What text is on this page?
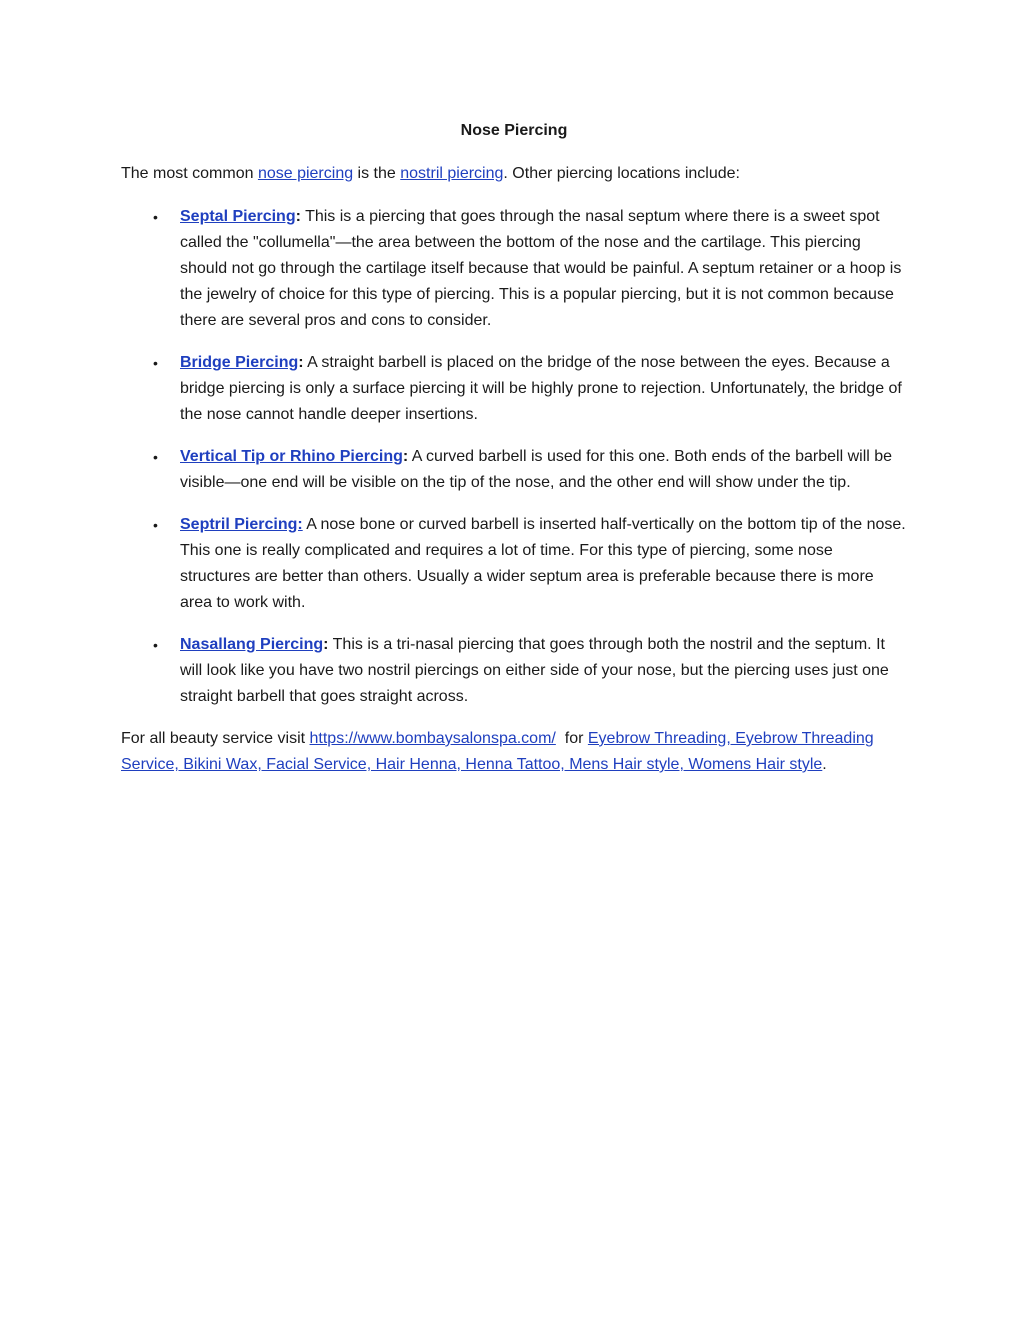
Nose Piercing

The most common nose piercing is the nostril piercing. Other piercing locations include:

• Septal Piercing: This is a piercing that goes through the nasal septum where there is a sweet spot called the "collumella"—the area between the bottom of the nose and the cartilage. This piercing should not go through the cartilage itself because that would be painful. A septum retainer or a hoop is the jewelry of choice for this type of piercing. This is a popular piercing, but it is not common because there are several pros and cons to consider.
• Bridge Piercing: A straight barbell is placed on the bridge of the nose between the eyes. Because a bridge piercing is only a surface piercing it will be highly prone to rejection. Unfortunately, the bridge of the nose cannot handle deeper insertions.
• Vertical Tip or Rhino Piercing: A curved barbell is used for this one. Both ends of the barbell will be visible—one end will be visible on the tip of the nose, and the other end will show under the tip.
• Septril Piercing: A nose bone or curved barbell is inserted half-vertically on the bottom tip of the nose. This one is really complicated and requires a lot of time. For this type of piercing, some nose structures are better than others. Usually a wider septum area is preferable because there is more area to work with.
• Nasallang Piercing: This is a tri-nasal piercing that goes through both the nostril and the septum. It will look like you have two nostril piercings on either side of your nose, but the piercing uses just one straight barbell that goes straight across.

For all beauty service visit https://www.bombaysalonspa.com/  for Eyebrow Threading, Eyebrow Threading Service, Bikini Wax, Facial Service, Hair Henna, Henna Tattoo, Mens Hair style, Womens Hair style.
